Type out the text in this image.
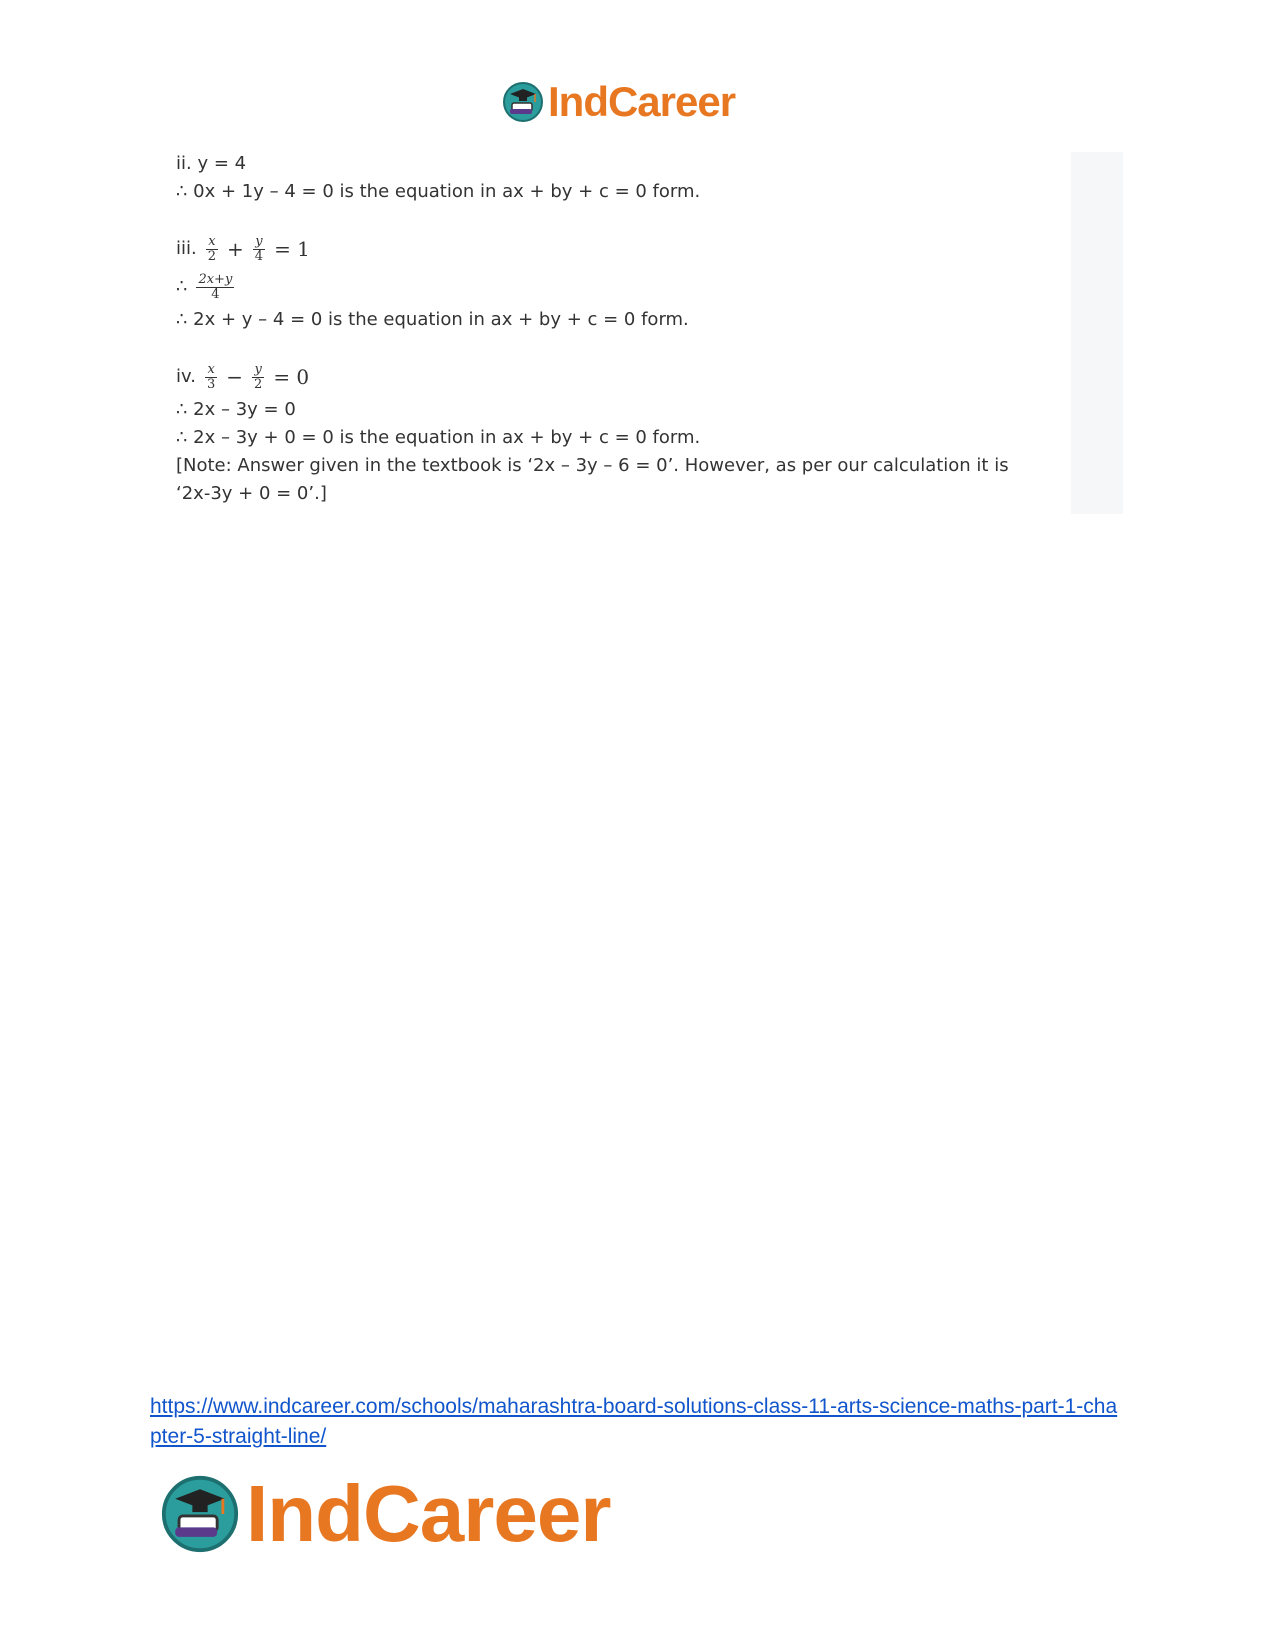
IndCareer
ii. y = 4
∴ 0x + 1y – 4 = 0 is the equation in ax + by + c = 0 form.
iii. $\frac{x}{2} + \frac{y}{4} = 1$
∴ $\frac{2x+y}{4}$
∴ 2x + y – 4 = 0 is the equation in ax + by + c = 0 form.
iv. $\frac{x}{3} - \frac{y}{2} = 0$
∴ 2x – 3y = 0
∴ 2x – 3y + 0 = 0 is the equation in ax + by + c = 0 form.
[Note: Answer given in the textbook is ‘2x – 3y – 6 = 0’. However, as per our calculation it is ‘2x-3y + 0 = 0’.]
https://www.indcareer.com/schools/maharashtra-board-solutions-class-11-arts-science-maths-part-1-chapter-5-straight-line/
IndCareer
